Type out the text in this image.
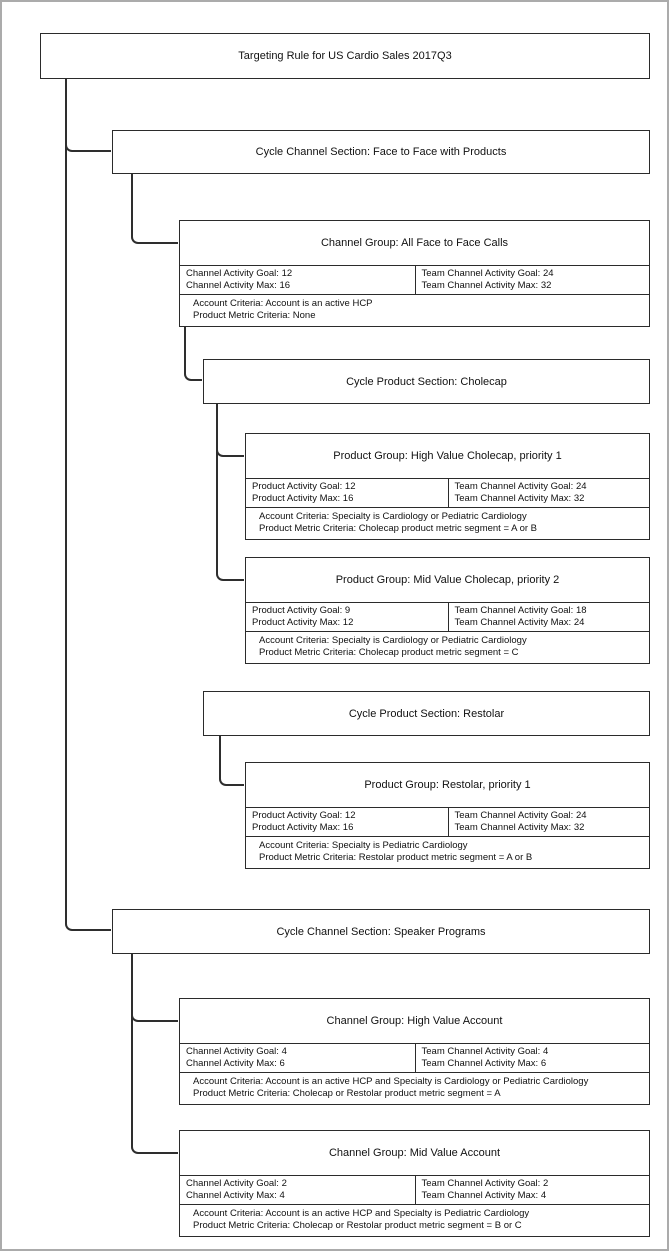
Targeting Rule for US Cardio Sales 2017Q3
Cycle Channel Section: Face to Face with Products
Channel Group: All Face to Face Calls
Channel Activity Goal: 12
Channel Activity Max: 16
Team Channel Activity Goal: 24
Team Channel Activity Max: 32
Account Criteria: Account is an active HCP
Product Metric Criteria: None
Cycle Product Section: Cholecap
Product Group: High Value Cholecap, priority 1
Product Activity Goal: 12
Product Activity Max: 16
Team Channel Activity Goal: 24
Team Channel Activity Max: 32
Account Criteria: Specialty is Cardiology or Pediatric Cardiology
Product Metric Criteria: Cholecap product metric segment = A or B
Product Group: Mid Value Cholecap, priority 2
Product Activity Goal: 9
Product Activity Max: 12
Team Channel Activity Goal: 18
Team Channel Activity Max: 24
Account Criteria: Specialty is Cardiology or Pediatric Cardiology
Product Metric Criteria: Cholecap product metric segment = C
Cycle Product Section: Restolar
Product Group: Restolar, priority 1
Product Activity Goal: 12
Product Activity Max: 16
Team Channel Activity Goal: 24
Team Channel Activity Max: 32
Account Criteria: Specialty is Pediatric Cardiology
Product Metric Criteria: Restolar product metric segment = A or B
Cycle Channel Section: Speaker Programs
Channel Group: High Value Account
Channel Activity Goal: 4
Channel Activity Max: 6
Team Channel Activity Goal: 4
Team Channel Activity Max: 6
Account Criteria: Account is an active HCP and Specialty is Cardiology or Pediatric Cardiology
Product Metric Criteria: Cholecap or Restolar product metric segment = A
Channel Group: Mid Value Account
Channel Activity Goal: 2
Channel Activity Max: 4
Team Channel Activity Goal: 2
Team Channel Activity Max: 4
Account Criteria: Account is an active HCP and Specialty is Pediatric Cardiology
Product Metric Criteria: Cholecap or Restolar product metric segment = B or C
